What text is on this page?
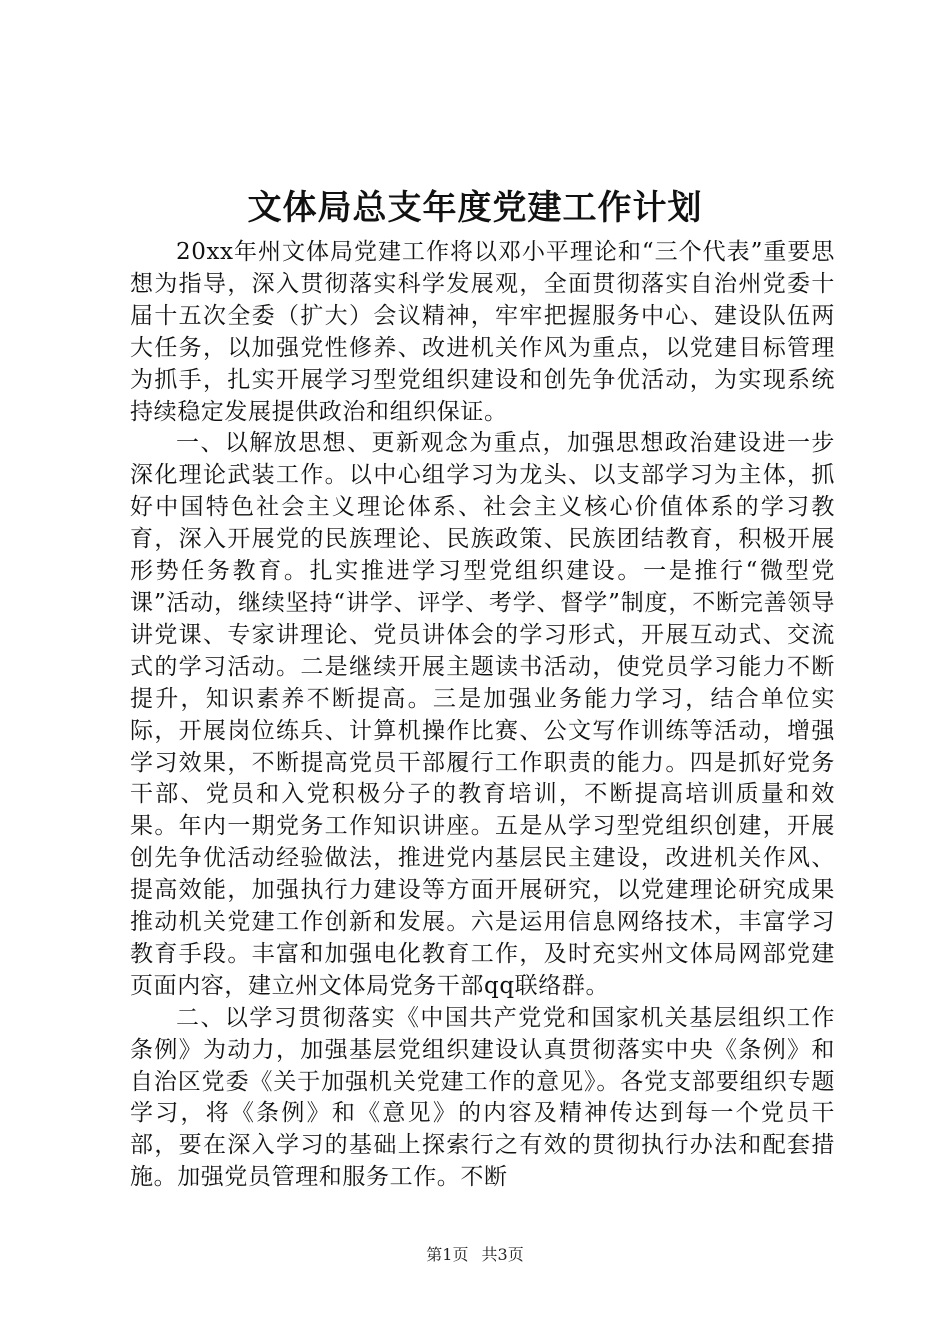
文体局总支年度党建工作计划

20xx年州文体局党建工作将以邓小平理论和“三个代表”重要思想为指导，深入贯彻落实科学发展观，全面贯彻落实自治州党委十届十五次全委（扩大）会议精神，牢牢把握服务中心、建设队伍两大任务，以加强党性修养、改进机关作风为重点，以党建目标管理为抓手，扎实开展学习型党组织建设和创先争优活动，为实现系统持续稳定发展提供政治和组织保证。

一、以解放思想、更新观念为重点，加强思想政治建设进一步深化理论武装工作。以中心组学习为龙头、以支部学习为主体，抓好中国特色社会主义理论体系、社会主义核心价值体系的学习教育，深入开展党的民族理论、民族政策、民族团结教育，积极开展形势任务教育。扎实推进学习型党组织建设。一是推行“微型党课”活动，继续坚持“讲学、评学、考学、督学”制度，不断完善领导讲党课、专家讲理论、党员讲体会的学习形式，开展互动式、交流式的学习活动。二是继续开展主题读书活动，使党员学习能力不断提升，知识素养不断提高。三是加强业务能力学习，结合单位实际，开展岗位练兵、计算机操作比赛、公文写作训练等活动，增强学习效果，不断提高党员干部履行工作职责的能力。四是抓好党务干部、党员和入党积极分子的教育培训，不断提高培训质量和效果。年内一期党务工作知识讲座。五是从学习型党组织创建，开展创先争优活动经验做法，推进党内基层民主建设，改进机关作风、提高效能，加强执行力建设等方面开展研究，以党建理论研究成果推动机关党建工作创新和发展。六是运用信息网络技术，丰富学习教育手段。丰富和加强电化教育工作，及时充实州文体局网部党建页面内容，建立州文体局党务干部qq联络群。

二、以学习贯彻落实《中国共产党党和国家机关基层组织工作条例》为动力，加强基层党组织建设认真贯彻落实中央《条例》和自治区党委《关于加强机关党建工作的意见》。各党支部要组织专题学习，将《条例》和《意见》的内容及精神传达到每一个党员干部，要在深入学习的基础上探索行之有效的贯彻执行办法和配套措施。加强党员管理和服务工作。不断

第1页 共3页
